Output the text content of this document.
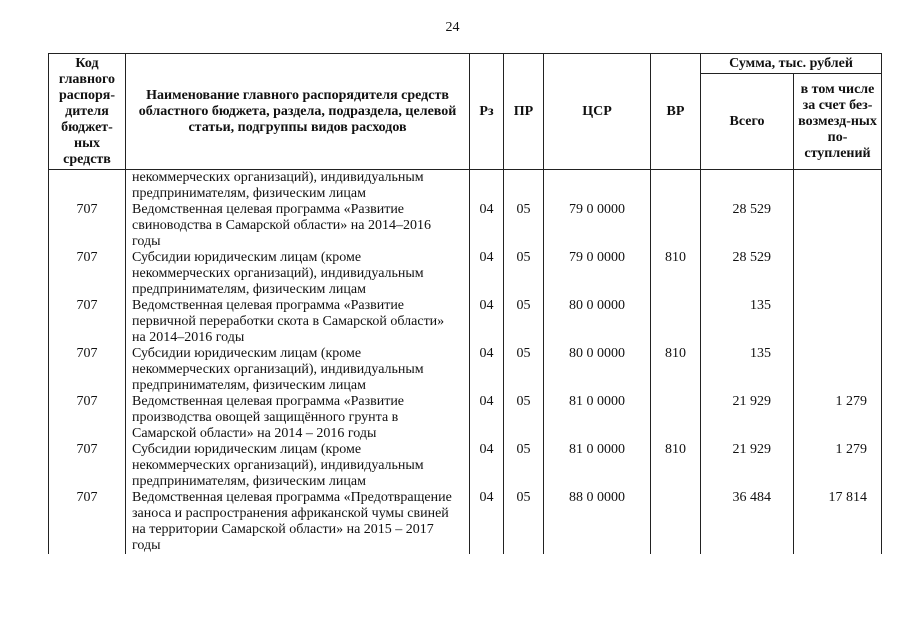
24
Код главного распоря-дителя бюджет-ных средств	Наименование главного распорядителя средств областного бюджета, раздела, подраздела, целевой статьи, подгруппы видов расходов	Рз	ПР	ЦСР	ВР	Сумма, тыс. рублей	
						Всего	в том числе за счет без-возмезд-ных по-ступлений
	некоммерческих организаций), индивидуальным предпринимателям, физическим лицам						
707	Ведомственная целевая программа «Развитие свиноводства в Самарской области» на 2014–2016 годы	04	05	79 0 0000		28 529	
707	Субсидии юридическим лицам (кроме некоммерческих организаций), индивидуальным предпринимателям, физическим лицам	04	05	79 0 0000	810	28 529	
707	Ведомственная целевая программа «Развитие первичной переработки скота в Самарской области» на 2014–2016 годы	04	05	80 0 0000		135	
707	Субсидии юридическим лицам (кроме некоммерческих организаций), индивидуальным предпринимателям, физическим лицам	04	05	80 0 0000	810	135	
707	Ведомственная целевая программа «Развитие производства овощей защищённого грунта в Самарской области» на 2014 – 2016 годы	04	05	81 0 0000		21 929	1 279
707	Субсидии юридическим лицам (кроме некоммерческих организаций), индивидуальным предпринимателям, физическим лицам	04	05	81 0 0000	810	21 929	1 279
707	Ведомственная целевая программа «Предотвращение заноса и распространения африканской чумы свиней на территории Самарской области» на 2015 – 2017 годы	04	05	88 0 0000		36 484	17 814
